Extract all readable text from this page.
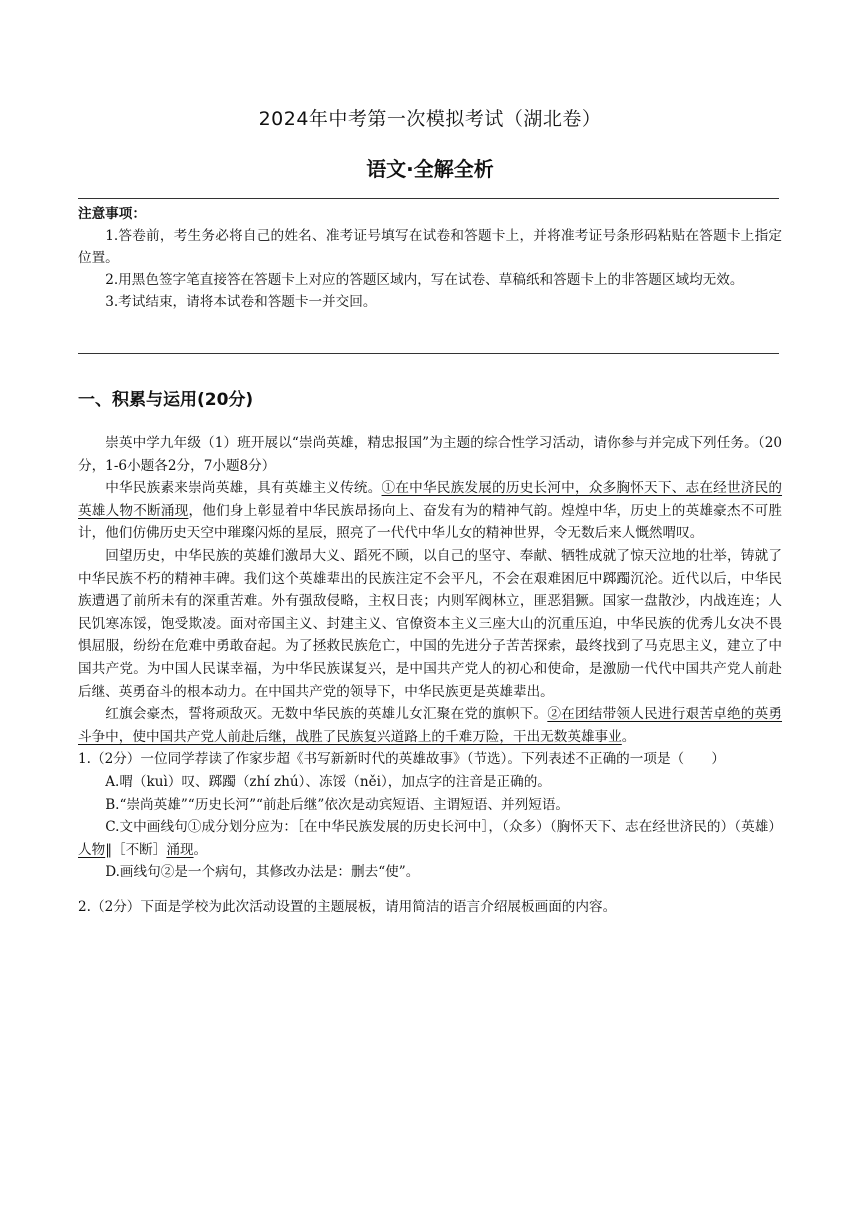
2024年中考第一次模拟考试（湖北卷）
语文·全解全析
注意事项：

1.答卷前，考生务必将自己的姓名、准考证号填写在试卷和答题卡上，并将准考证号条形码粘贴在答题卡上指定位置。

2.用黑色签字笔直接答在答题卡上对应的答题区域内，写在试卷、草稿纸和答题卡上的非答题区域均无效。

3.考试结束，请将本试卷和答题卡一并交回。

一、积累与运用(20分)

崇英中学九年级（1）班开展以“崇尚英雄，精忠报国”为主题的综合性学习活动，请你参与并完成下列任务。（20分，1-6小题各2分，7小题8分）

中华民族素来崇尚英雄，具有英雄主义传统。①在中华民族发展的历史长河中，众多胸怀天下、志在经世济民的英雄人物不断涌现，他们身上彰显着中华民族昂扬向上、奋发有为的精神气韵。煌煌中华，历史上的英雄豪杰不可胜计，他们仿佛历史天空中璀璨闪烁的星辰，照亮了一代代中华儿女的精神世界，令无数后来人慨然喟叹。

回望历史，中华民族的英雄们激昂大义、蹈死不顾，以自己的坚守、奉献、牺牲成就了惊天泣地的壮举，铸就了中华民族不朽的精神丰碑。我们这个英雄辈出的民族注定不会平凡，不会在艰难困厄中踯躅沉沦。近代以后，中华民族遭遇了前所未有的深重苦难。外有强敌侵略，主权日丧；内则军阀林立，匪恶猖獗。国家一盘散沙，内战连连；人民饥寒冻馁，饱受欺凌。面对帝国主义、封建主义、官僚资本主义三座大山的沉重压迫，中华民族的优秀儿女决不畏惧屈服，纷纷在危难中勇敢奋起。为了拯救民族危亡，中国的先进分子苦苦探索，最终找到了马克思主义，建立了中国共产党。为中国人民谋幸福，为中华民族谋复兴，是中国共产党人的初心和使命，是激励一代代中国共产党人前赴后继、英勇奋斗的根本动力。在中国共产党的领导下，中华民族更是英雄辈出。

红旗会豪杰，誓将顽敌灭。无数中华民族的英雄儿女汇聚在党的旗帜下。②在团结带领人民进行艰苦卓绝的英勇斗争中，使中国共产党人前赴后继，战胜了民族复兴道路上的千难万险，干出无数英雄事业。

1.（2分）一位同学荐读了作家步超《书写新新时代的英雄故事》（节选）。下列表述不正确的一项是（　　）

A.喟（kuì）叹、踯躅（zhí zhú）、冻馁（něi），加点字的注音是正确的。

B.“崇尚英雄”“历史长河”“前赴后继”依次是动宾短语、主谓短语、并列短语。

C.文中画线句①成分划分应为：［在中华民族发展的历史长河中］，（众多）（胸怀天下、志在经世济民的）（英雄）人物‖［不断］涌现。

D.画线句②是一个病句，其修改办法是：删去“使”。

2.（2分）下面是学校为此次活动设置的主题展板，请用简洁的语言介绍展板画面的内容。
